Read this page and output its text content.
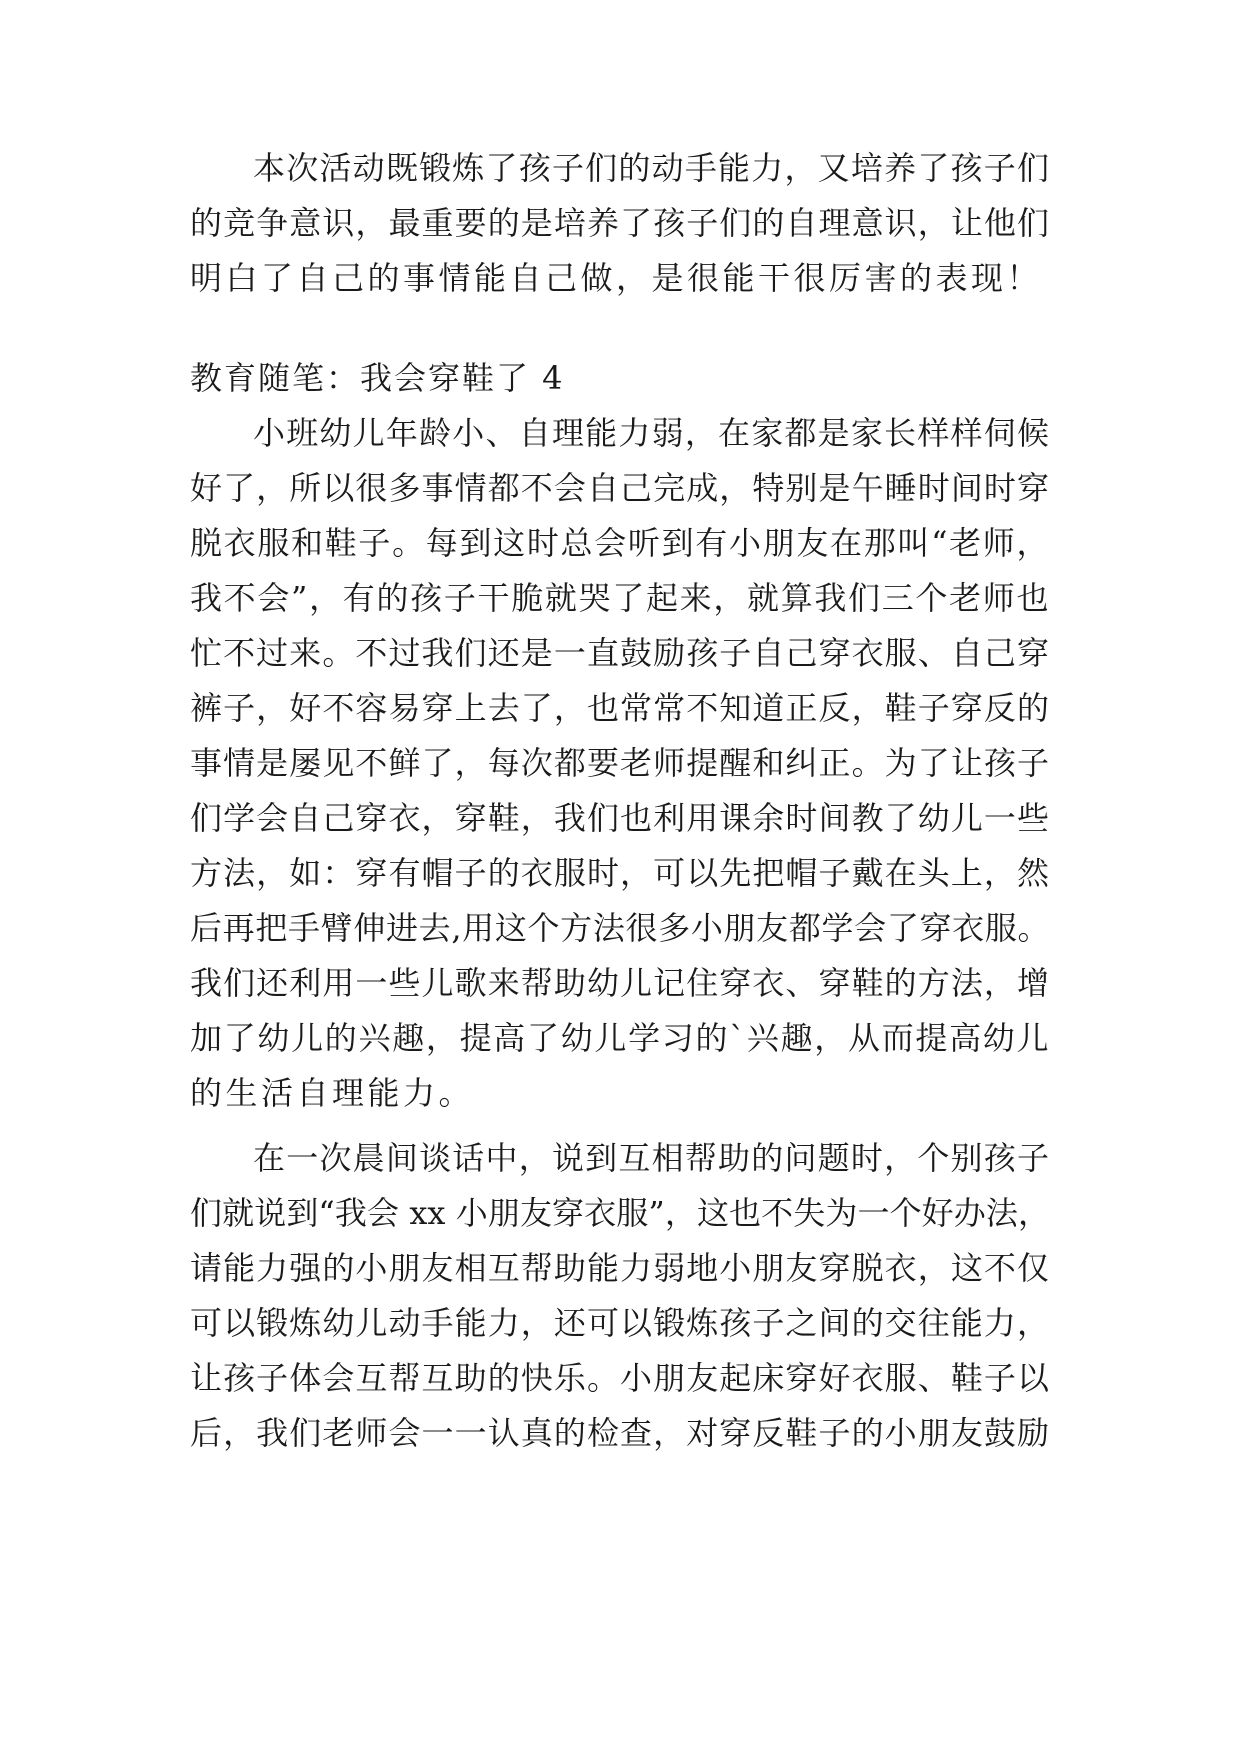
本次活动既锻炼了孩子们的动手能力，又培养了孩子们
的竞争意识，最重要的是培养了孩子们的自理意识，让他们
明白了自己的事情能自己做，是很能干很厉害的表现！
教育随笔：我会穿鞋了 4
小班幼儿年龄小、自理能力弱，在家都是家长样样伺候
好了，所以很多事情都不会自己完成，特别是午睡时间时穿
脱衣服和鞋子。每到这时总会听到有小朋友在那叫“老师，
我不会”，有的孩子干脆就哭了起来，就算我们三个老师也
忙不过来。不过我们还是一直鼓励孩子自己穿衣服、自己穿
裤子，好不容易穿上去了，也常常不知道正反，鞋子穿反的
事情是屡见不鲜了，每次都要老师提醒和纠正。为了让孩子
们学会自己穿衣，穿鞋，我们也利用课余时间教了幼儿一些
方法，如：穿有帽子的衣服时，可以先把帽子戴在头上，然
后再把手臂伸进去,用这个方法很多小朋友都学会了穿衣服。
我们还利用一些儿歌来帮助幼儿记住穿衣、穿鞋的方法，增
加了幼儿的兴趣，提高了幼儿学习的`兴趣，从而提高幼儿
的生活自理能力。
在一次晨间谈话中，说到互相帮助的问题时，个别孩子
们就说到“我会 xx 小朋友穿衣服”，这也不失为一个好办法，
请能力强的小朋友相互帮助能力弱地小朋友穿脱衣，这不仅
可以锻炼幼儿动手能力，还可以锻炼孩子之间的交往能力，
让孩子体会互帮互助的快乐。小朋友起床穿好衣服、鞋子以
后，我们老师会一一认真的检查，对穿反鞋子的小朋友鼓励
